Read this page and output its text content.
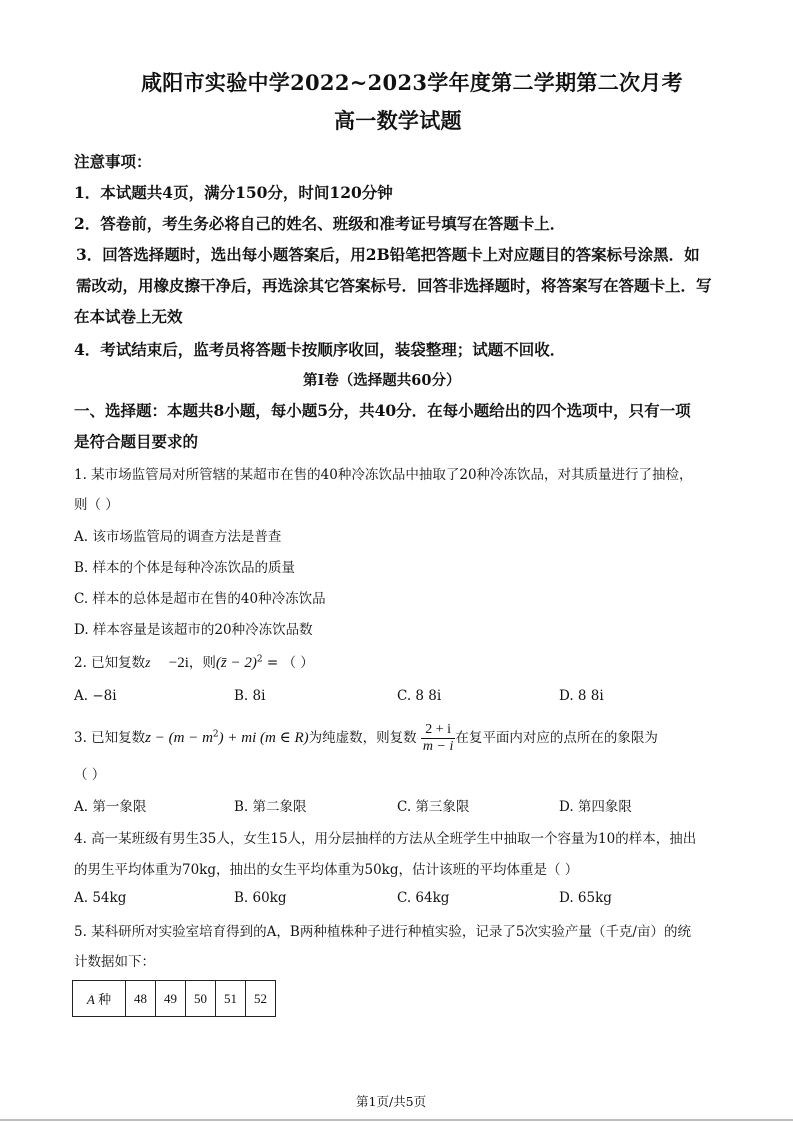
咸阳市实验中学2022~2023学年度第二学期第二次月考
高一数学试题
注意事项：
1．本试题共4页，满分150分，时间120分钟
2．答卷前，考生务必将自己的姓名、班级和准考证号填写在答题卡上．
3．回答选择题时，选出每小题答案后，用2B铅笔把答题卡上对应题目的答案标号涂黑．如
需改动，用橡皮擦干净后，再选涂其它答案标号．回答非选择题时，将答案写在答题卡上．写
在本试卷上无效
4．考试结束后，监考员将答题卡按顺序收回，装袋整理；试题不回收．
第Ⅰ卷（选择题共60分）
一、选择题：本题共8小题，每小题5分，共40分．在每小题给出的四个选项中，只有一项
是符合题目要求的
1. 某市场监管局对所管辖的某超市在售的40种冷冻饮品中抽取了20种冷冻饮品，对其质量进行了抽检，
则（ ）
A. 该市场监管局的调查方法是普查
B. 样本的个体是每种冷冻饮品的质量
C. 样本的总体是超市在售的40种冷冻饮品
D. 样本容量是该超市的20种冷冻饮品数
2. 已知复数z −2i，则(z̄ − 2)$^2$ = （ ）
A. −8i	B. 8i	C. 8 8i	D. 8 8i
3. 已知复数$z - (m - m^2)$ + mi (m ∈ R)为纯虚数，则复数 $\frac{2 + i}{m - i}$ 在复平面内对应的点所在的象限为
（ ）
A. 第一象限	B. 第二象限	C. 第三象限	D. 第四象限
4. 高一某班级有男生35人，女生15人，用分层抽样的方法从全班学生中抽取一个容量为10的样本，抽出
的男生平均体重为70kg，抽出的女生平均体重为50kg，估计该班的平均体重是（ ）
A. 54kg	B. 60kg	C. 64kg	D. 65kg
5. 某科研所对实验室培育得到的A，B两种植株种子进行种植实验，记录了5次实验产量（千克/亩）的统
计数据如下：
A 种	48	49	50	51	52
第1页/共5页
